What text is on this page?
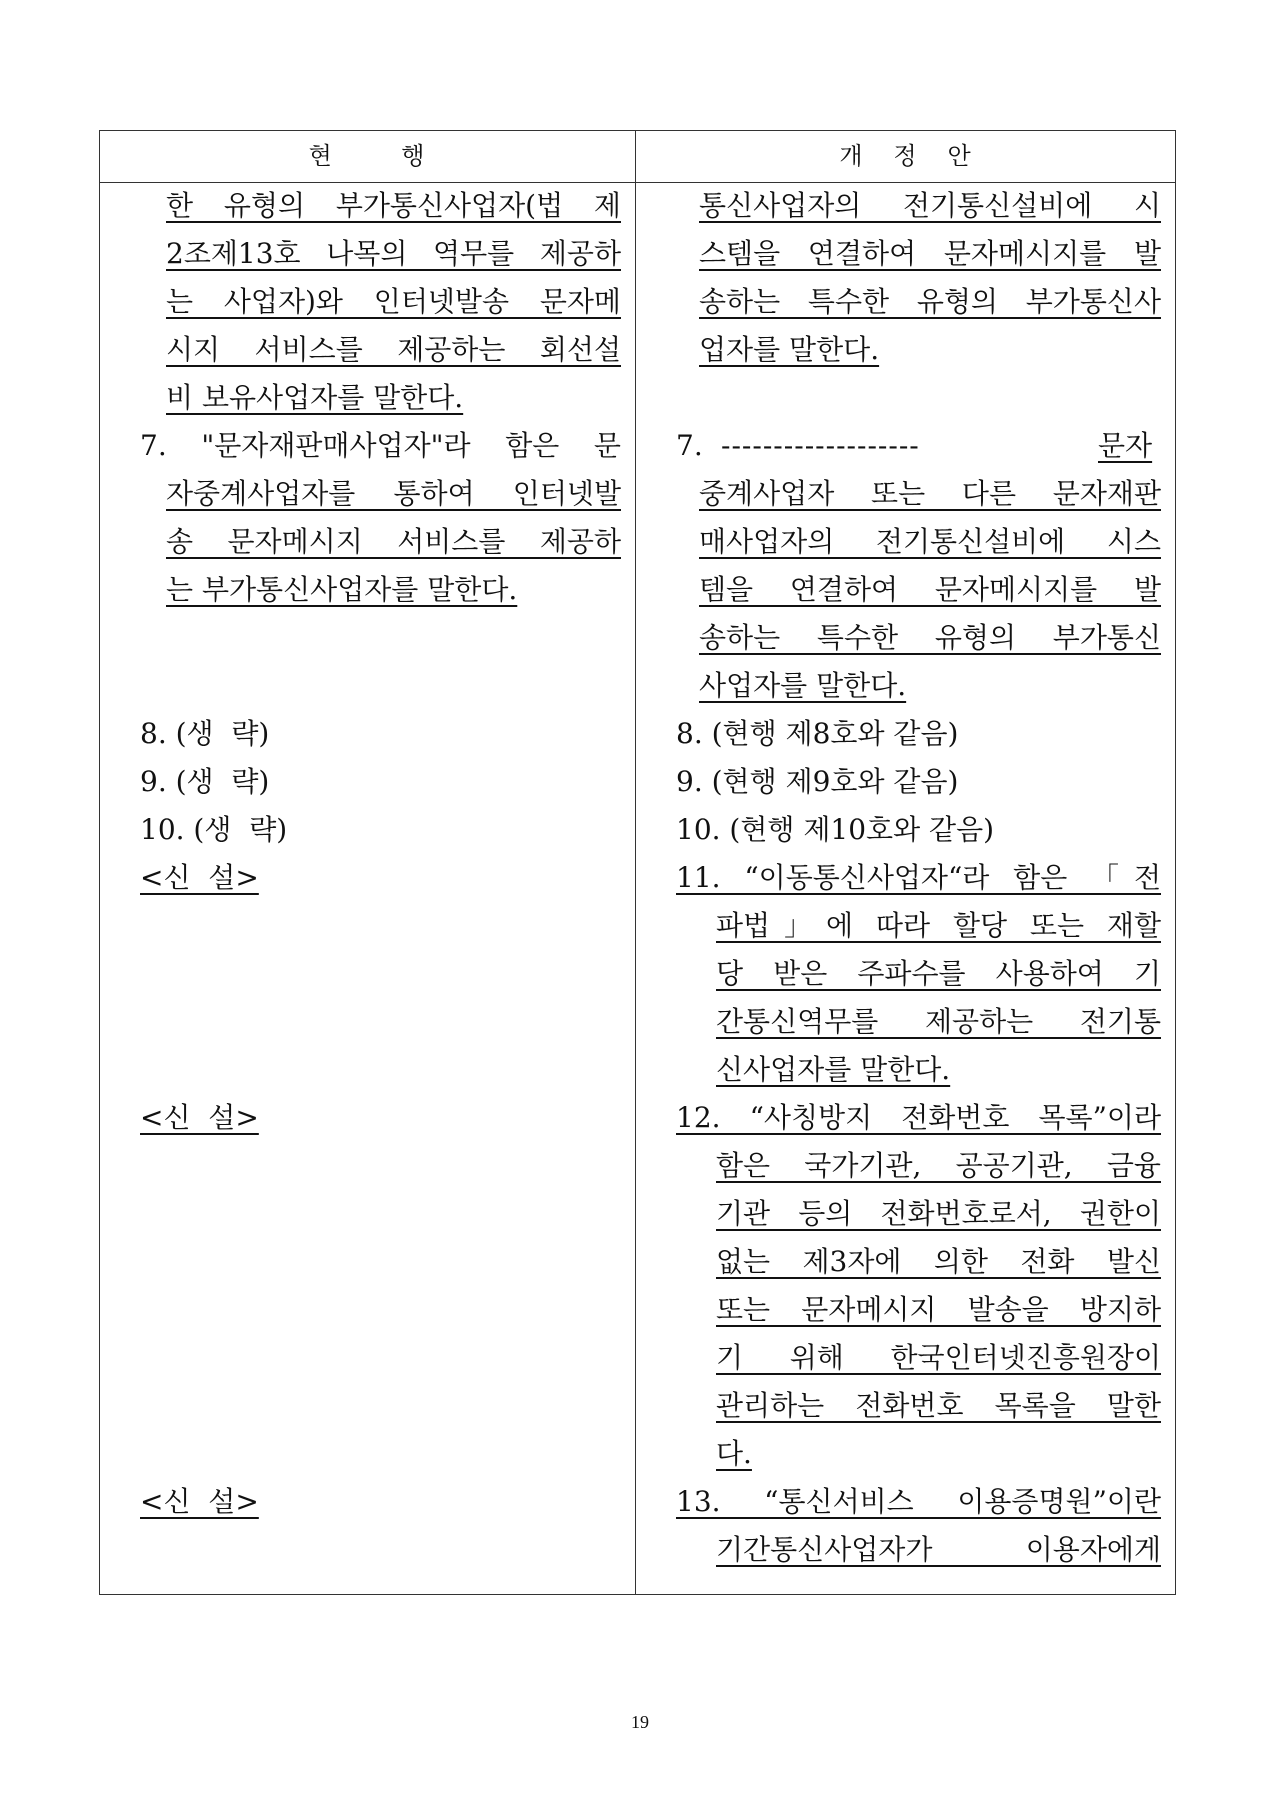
현       행	개   정   안
한 유형의 부가통신사업자(법 제
2조제13호 나목의 역무를 제공하
는 사업자)와 인터넷발송 문자메
시지 서비스를 제공하는 회선설
비 보유사업자를 말한다.
7. "문자재판매사업자"라 함은 문
자중계사업자를 통하여 인터넷발
송 문자메시지 서비스를 제공하
는 부가통신사업자를 말한다.
8. (생  략)
9. (생  략)
10. (생  략)
<신  설>
<신  설>
<신  설>
통신사업자의 전기통신설비에 시
스템을 연결하여 문자메시지를 발
송하는 특수한 유형의 부가통신사
업자를 말한다.
7. -------------------	문자
중계사업자 또는 다른 문자재판
매사업자의 전기통신설비에 시스
템을 연결하여 문자메시지를 발
송하는 특수한 유형의 부가통신
사업자를 말한다.
8. (현행 제8호와 같음)
9. (현행 제9호와 같음)
10. (현행 제10호와 같음)
11. “이동통신사업자“라 함은 「전
파법」에 따라 할당 또는 재할
당 받은 주파수를 사용하여 기
간통신역무를 제공하는 전기통
신사업자를 말한다.
12. “사칭방지 전화번호 목록”이라
함은 국가기관, 공공기관, 금융
기관 등의 전화번호로서, 권한이
없는 제3자에 의한 전화 발신
또는 문자메시지 발송을 방지하
기 위해 한국인터넷진흥원장이
관리하는 전화번호 목록을 말한
다.
13. “통신서비스 이용증명원”이란
기간통신사업자가    이용자에게
19
